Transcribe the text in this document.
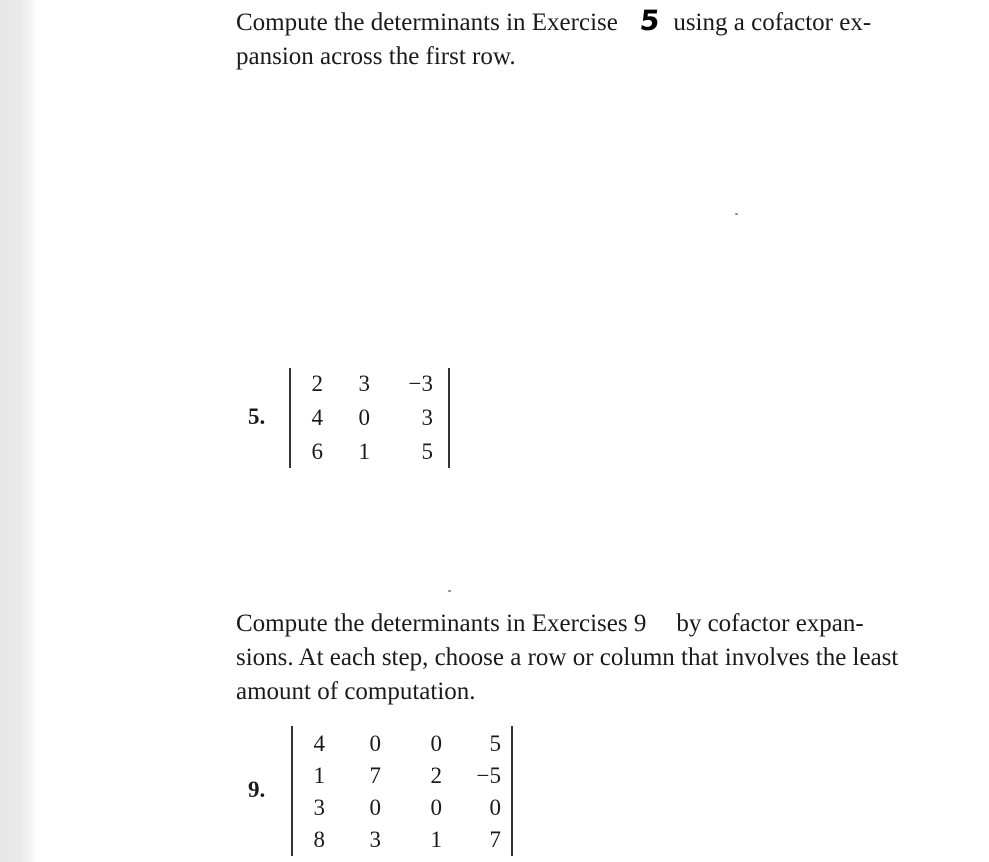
Compute the determinants in Exercise 5 using a cofactor ex-
pansion across the first row.

5.
2	3 −3
4	0	3
6	1	5

Compute the determinants in Exercises 9 by cofactor expan-
sions. At each step, choose a row or column that involves the least
amount of computation.

9.
4	0	0	5
1	7	2 −5
3	0	0	0
8	3	1	7
